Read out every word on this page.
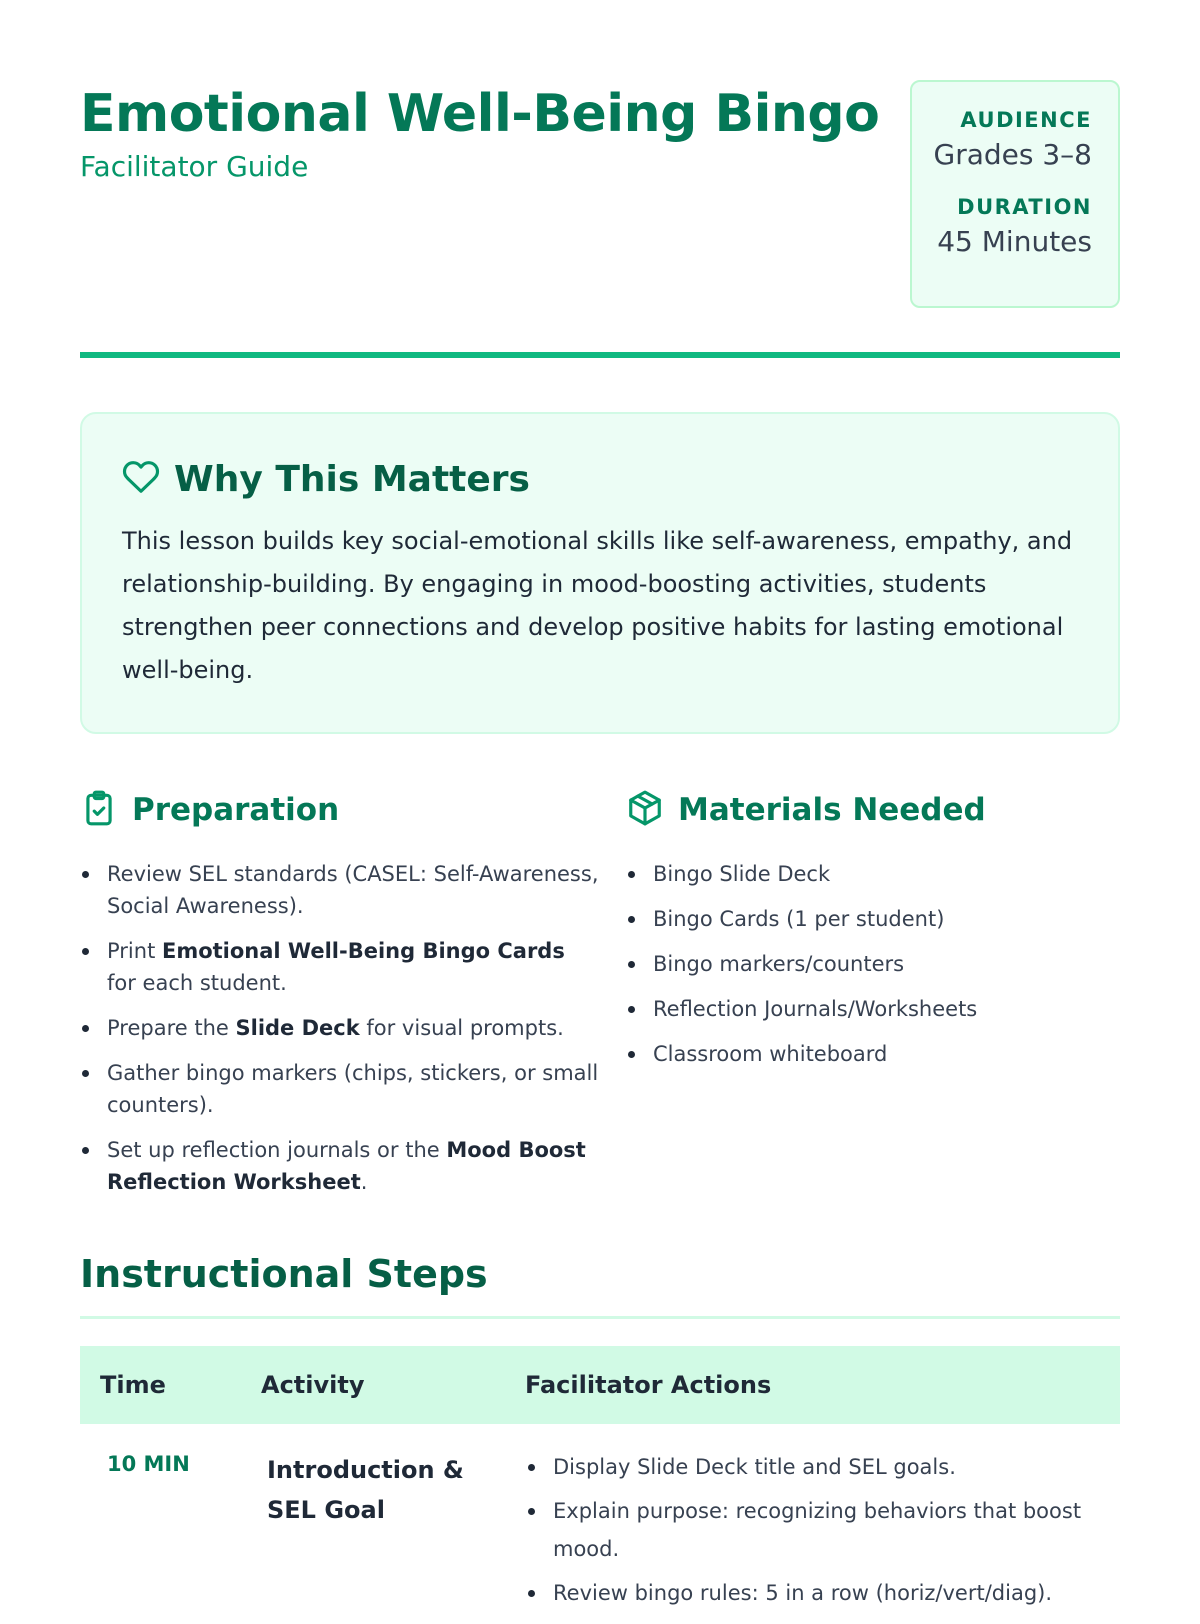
Emotional Well-Being Bingo
Facilitator Guide
AUDIENCE
Grades 3–8
DURATION
45 Minutes
Why This Matters
This lesson builds key social-emotional skills like self-awareness, empathy, and relationship-building. By engaging in mood-boosting activities, students strengthen peer connections and develop positive habits for lasting emotional well-being.
Preparation
Review SEL standards (CASEL: Self-Awareness, Social Awareness).
Print Emotional Well-Being Bingo Cards for each student.
Prepare the Slide Deck for visual prompts.
Gather bingo markers (chips, stickers, or small counters).
Set up reflection journals or the Mood Boost Reflection Worksheet.
Materials Needed
Bingo Slide Deck
Bingo Cards (1 per student)
Bingo markers/counters
Reflection Journals/Worksheets
Classroom whiteboard
Instructional Steps
Time	Activity	Facilitator Actions
10 MIN	Introduction & SEL Goal
Display Slide Deck title and SEL goals.
Explain purpose: recognizing behaviors that boost mood.
Review bingo rules: 5 in a row (horiz/vert/diag).
